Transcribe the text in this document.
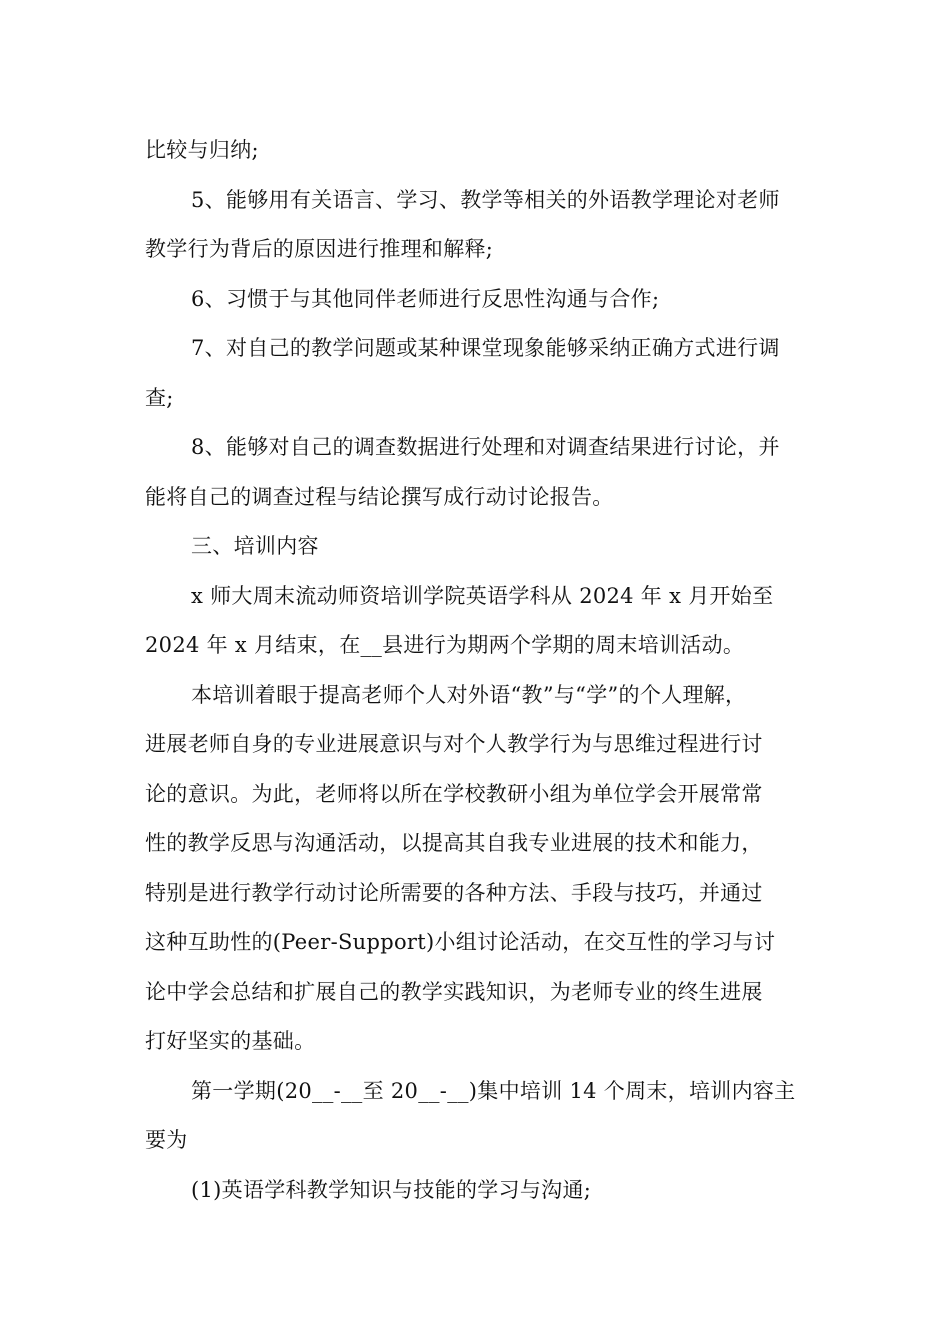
比较与归纳;

5、能够用有关语言、学习、教学等相关的外语教学理论对老师

教学行为背后的原因进行推理和解释;

6、习惯于与其他同伴老师进行反思性沟通与合作;

7、对自己的教学问题或某种课堂现象能够采纳正确方式进行调

查;

8、能够对自己的调查数据进行处理和对调查结果进行讨论，并

能将自己的调查过程与结论撰写成行动讨论报告。

三、培训内容

x 师大周末流动师资培训学院英语学科从 2024 年 x 月开始至

2024 年 x 月结束，在__县进行为期两个学期的周末培训活动。

本培训着眼于提高老师个人对外语“教”与“学”的个人理解，

进展老师自身的专业进展意识与对个人教学行为与思维过程进行讨

论的意识。为此，老师将以所在学校教研小组为单位学会开展常常

性的教学反思与沟通活动，以提高其自我专业进展的技术和能力，

特别是进行教学行动讨论所需要的各种方法、手段与技巧，并通过

这种互助性的(Peer-Support)小组讨论活动，在交互性的学习与讨

论中学会总结和扩展自己的教学实践知识，为老师专业的终生进展

打好坚实的基础。

第一学期(20__-__至 20__-__)集中培训 14 个周末，培训内容主

要为

(1)英语学科教学知识与技能的学习与沟通;
